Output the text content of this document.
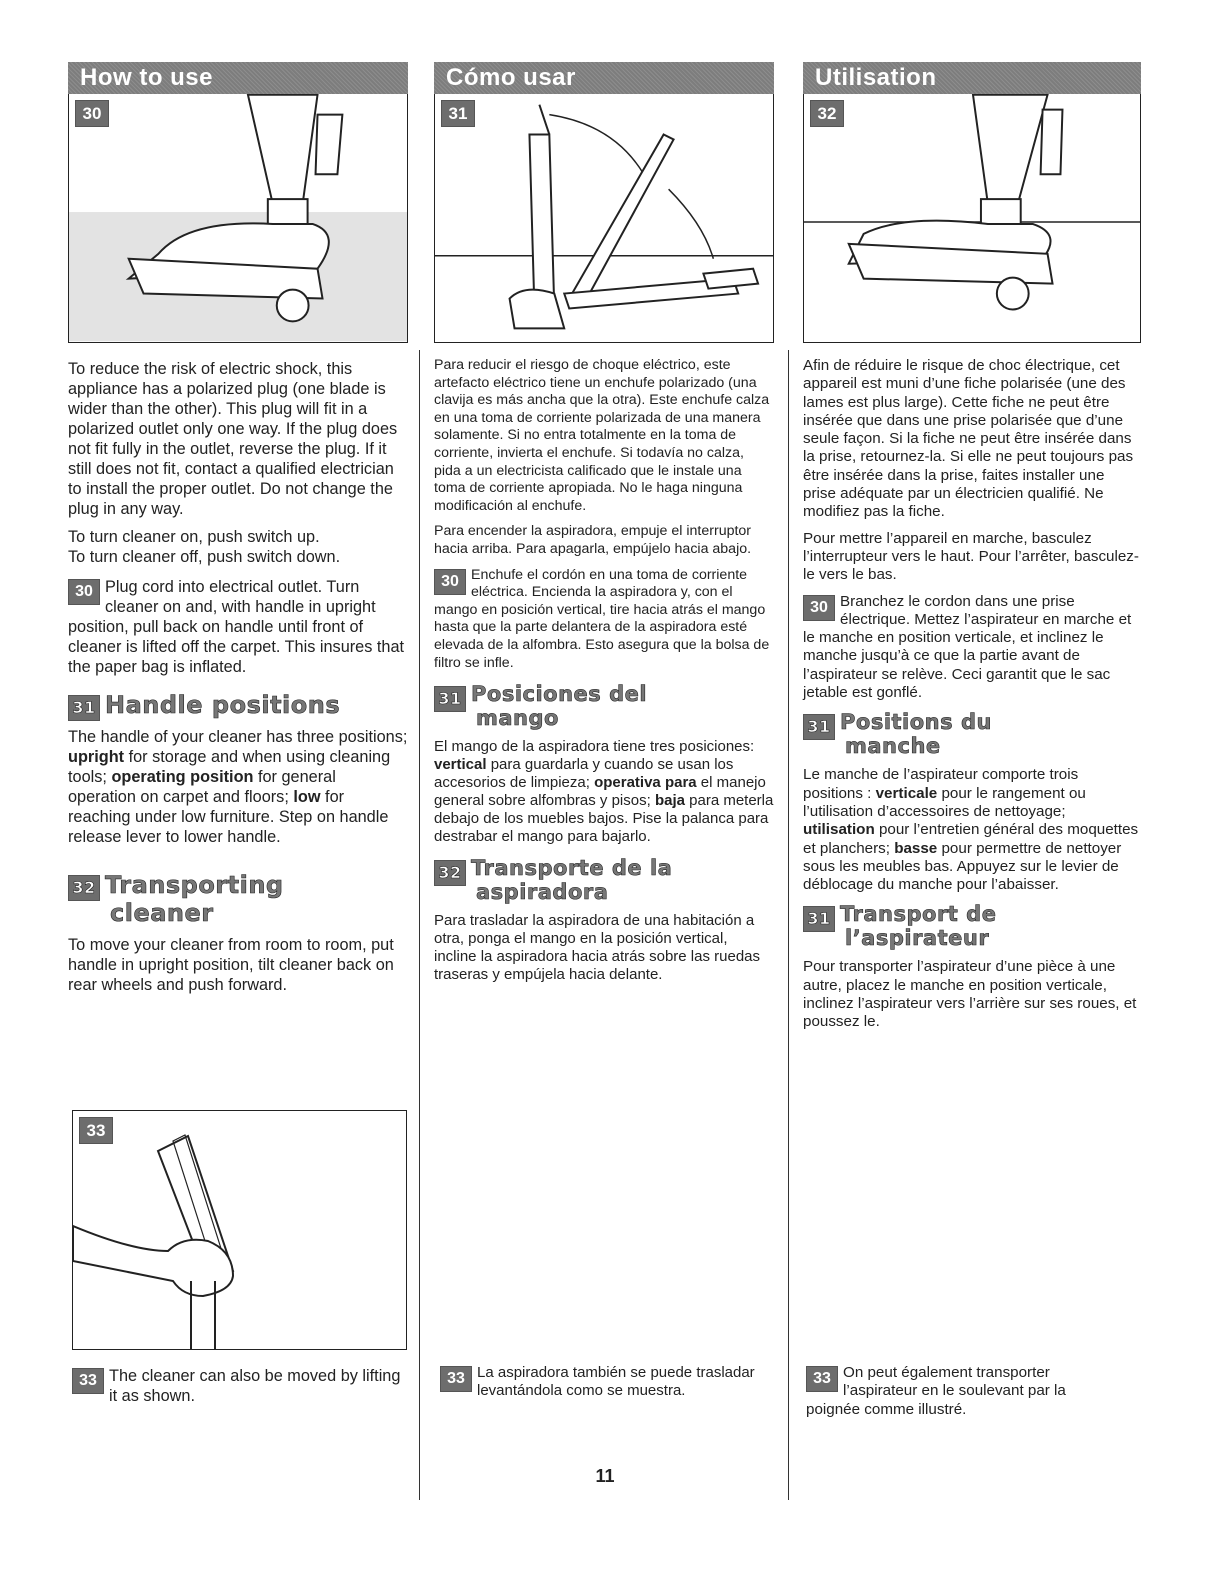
How to use
30

To reduce the risk of electric shock, this appliance has a polarized plug (one blade is wider than the other). This plug will fit in a polarized outlet only one way. If the plug does not fit fully in the outlet, reverse the plug. If it still does not fit, contact a qualified electrician to install the proper outlet. Do not change the plug in any way.

To turn cleaner on, push switch up.
To turn cleaner off, push switch down.

30 Plug cord into electrical outlet. Turn cleaner on and, with handle in upright position, pull back on handle until front of cleaner is lifted off the carpet. This insures that the paper bag is inflated.

31 Handle positions

The handle of your cleaner has three positions; upright for storage and when using cleaning tools; operating position for general operation on carpet and floors; low for reaching under low furniture. Step on handle release lever to lower handle.

32 Transporting
cleaner

To move your cleaner from room to room, put handle in upright position, tilt cleaner back on rear wheels and push forward.

Cómo usar
31

Para reducir el riesgo de choque eléctrico, este artefacto eléctrico tiene un enchufe polarizado (una clavija es más ancha que la otra). Este enchufe calza en una toma de corriente polarizada de una manera solamente. Si no entra totalmente en la toma de corriente, invierta el enchufe. Si todavía no calza, pida a un electricista calificado que le instale una toma de corriente apropiada. No le haga ninguna modificación al enchufe.

Para encender la aspiradora, empuje el interruptor hacia arriba. Para apagarla, empújelo hacia abajo.

30 Enchufe el cordón en una toma de corriente eléctrica. Encienda la aspiradora y, con el mango en posición vertical, tire hacia atrás el mango hasta que la parte delantera de la aspiradora esté elevada de la alfombra. Esto asegura que la bolsa de filtro se infle.

31 Posiciones del
mango

El mango de la aspiradora tiene tres posiciones: vertical para guardarla y cuando se usan los accesorios de limpieza; operativa para el manejo general sobre alfombras y pisos; baja para meterla debajo de los muebles bajos. Pise la palanca para destrabar el mango para bajarlo.

32 Transporte de la
aspiradora

Para trasladar la aspiradora de una habitación a otra, ponga el mango en la posición vertical, incline la aspiradora hacia atrás sobre las ruedas traseras y empújela hacia delante.

Utilisation
32

Afin de réduire le risque de choc électrique, cet appareil est muni d’une fiche polarisée (une des lames est plus large). Cette fiche ne peut être insérée que dans une prise polarisée que d’une seule façon. Si la fiche ne peut être insérée dans la prise, retournez-la. Si elle ne peut toujours pas être insérée dans la prise, faites installer une prise adéquate par un électricien qualifié. Ne modifiez pas la fiche.

Pour mettre l’appareil en marche, basculez l’interrupteur vers le haut. Pour l’arrêter, basculez-le vers le bas.

30 Branchez le cordon dans une prise électrique. Mettez l’aspirateur en marche et le manche en position verticale, et inclinez le manche jusqu’à ce que la partie avant de l’aspirateur se relève. Ceci garantit que le sac jetable est gonflé.

31 Positions du
manche

Le manche de l’aspirateur comporte trois positions : verticale pour le rangement ou l’utilisation d’accessoires de nettoyage; utilisation pour l’entretien général des moquettes et planchers; basse pour permettre de nettoyer sous les meubles bas. Appuyez sur le levier de déblocage du manche pour l’abaisser.

31 Transport de
l’aspirateur

Pour transporter l’aspirateur d’une pièce à une autre, placez le manche en position verticale, inclinez l’aspirateur vers l’arrière sur ses roues, et poussez le.

33
33 The cleaner can also be moved by lifting it as shown.
33 La aspiradora también se puede trasladar levantándola como se muestra.
33 On peut également transporter l’aspirateur en le soulevant par la poignée comme illustré.
11
